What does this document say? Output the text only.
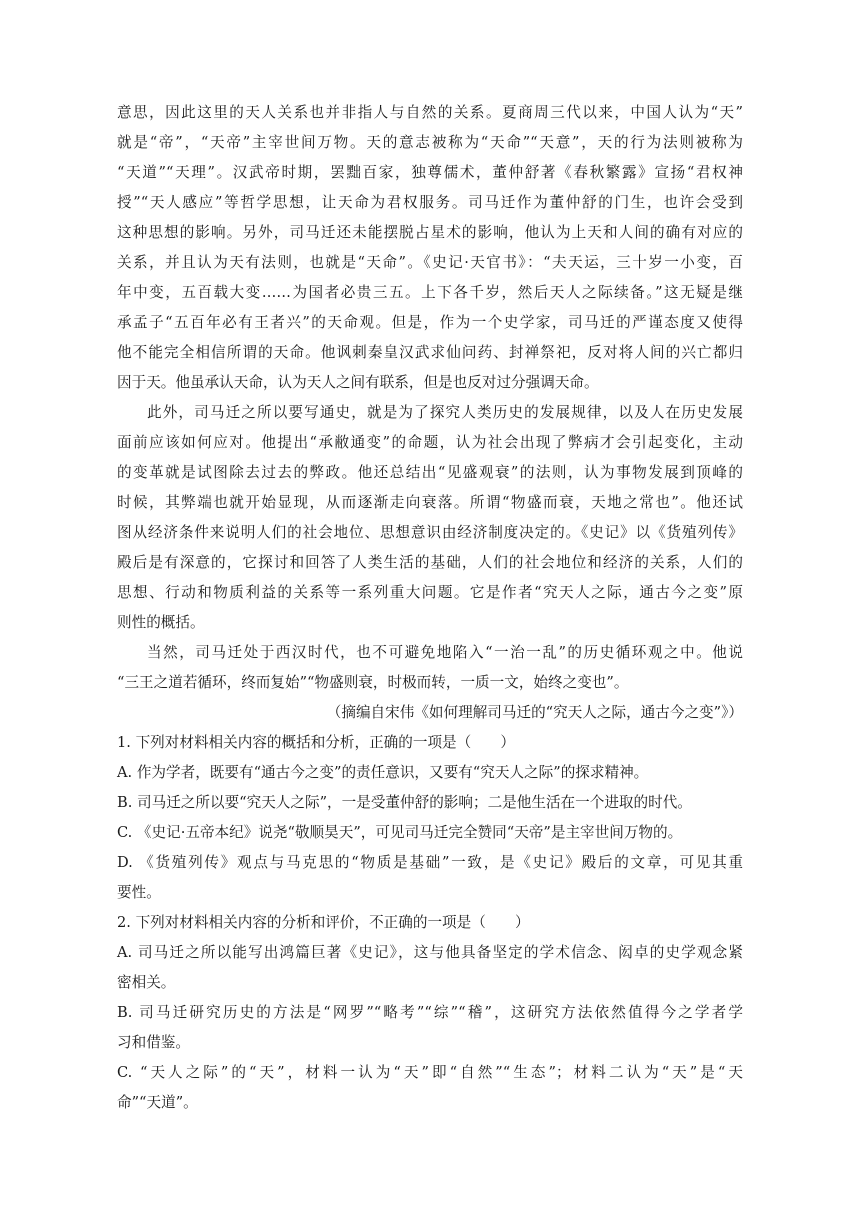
意思，因此这里的天人关系也并非指人与自然的关系。夏商周三代以来，中国人认为“天”
就是“帝”，“天帝”主宰世间万物。天的意志被称为“天命”“天意”，天的行为法则被称为
“天道”“天理”。汉武帝时期，罢黜百家，独尊儒术，董仲舒著《春秋繁露》宣扬“君权神
授”“天人感应”等哲学思想，让天命为君权服务。司马迁作为董仲舒的门生，也许会受到
这种思想的影响。另外，司马迁还未能摆脱占星术的影响，他认为上天和人间的确有对应的
关系，并且认为天有法则，也就是“天命”。《史记·天官书》：“夫天运，三十岁一小变，百
年中变，五百载大变……为国者必贵三五。上下各千岁，然后天人之际续备。”这无疑是继
承孟子“五百年必有王者兴”的天命观。但是，作为一个史学家，司马迁的严谨态度又使得
他不能完全相信所谓的天命。他讽刺秦皇汉武求仙问药、封禅祭祀，反对将人间的兴亡都归
因于天。他虽承认天命，认为天人之间有联系，但是也反对过分强调天命。
此外，司马迁之所以要写通史，就是为了探究人类历史的发展规律，以及人在历史发展
面前应该如何应对。他提出“承敝通变”的命题，认为社会出现了弊病才会引起变化，主动
的变革就是试图除去过去的弊政。他还总结出“见盛观衰”的法则，认为事物发展到顶峰的
时候，其弊端也就开始显现，从而逐渐走向衰落。所谓“物盛而衰，天地之常也”。他还试
图从经济条件来说明人们的社会地位、思想意识由经济制度决定的。《史记》以《货殖列传》
殿后是有深意的，它探讨和回答了人类生活的基础，人们的社会地位和经济的关系，人们的
思想、行动和物质利益的关系等一系列重大问题。它是作者“究天人之际，通古今之变”原
则性的概括。
当然，司马迁处于西汉时代，也不可避免地陷入“一治一乱”的历史循环观之中。他说
“三王之道若循环，终而复始”“物盛则衰，时极而转，一质一文，始终之变也”。
（摘编自宋伟《如何理解司马迁的“究天人之际，通古今之变”》）
1. 下列对材料相关内容的概括和分析，正确的一项是（　　）
A. 作为学者，既要有“通古今之变”的责任意识，又要有“究天人之际”的探求精神。
B. 司马迁之所以要“究天人之际”，一是受董仲舒的影响；二是他生活在一个进取的时代。
C. 《史记·五帝本纪》说尧“敬顺昊天”，可见司马迁完全赞同“天帝”是主宰世间万物的。
D. 《货殖列传》观点与马克思的“物质是基础”一致，是《史记》殿后的文章，可见其重
要性。
2. 下列对材料相关内容的分析和评价，不正确的一项是（　　）
A. 司马迁之所以能写出鸿篇巨著《史记》，这与他具备坚定的学术信念、闳卓的史学观念紧
密相关。
B. 司马迁研究历史的方法是“网罗”“略考”“综”“稽”，这研究方法依然值得今之学者学
习和借鉴。
C. “天人之际”的“天”，材料一认为“天”即“自然”“生态”；材料二认为“天”是“天
命”“天道”。
